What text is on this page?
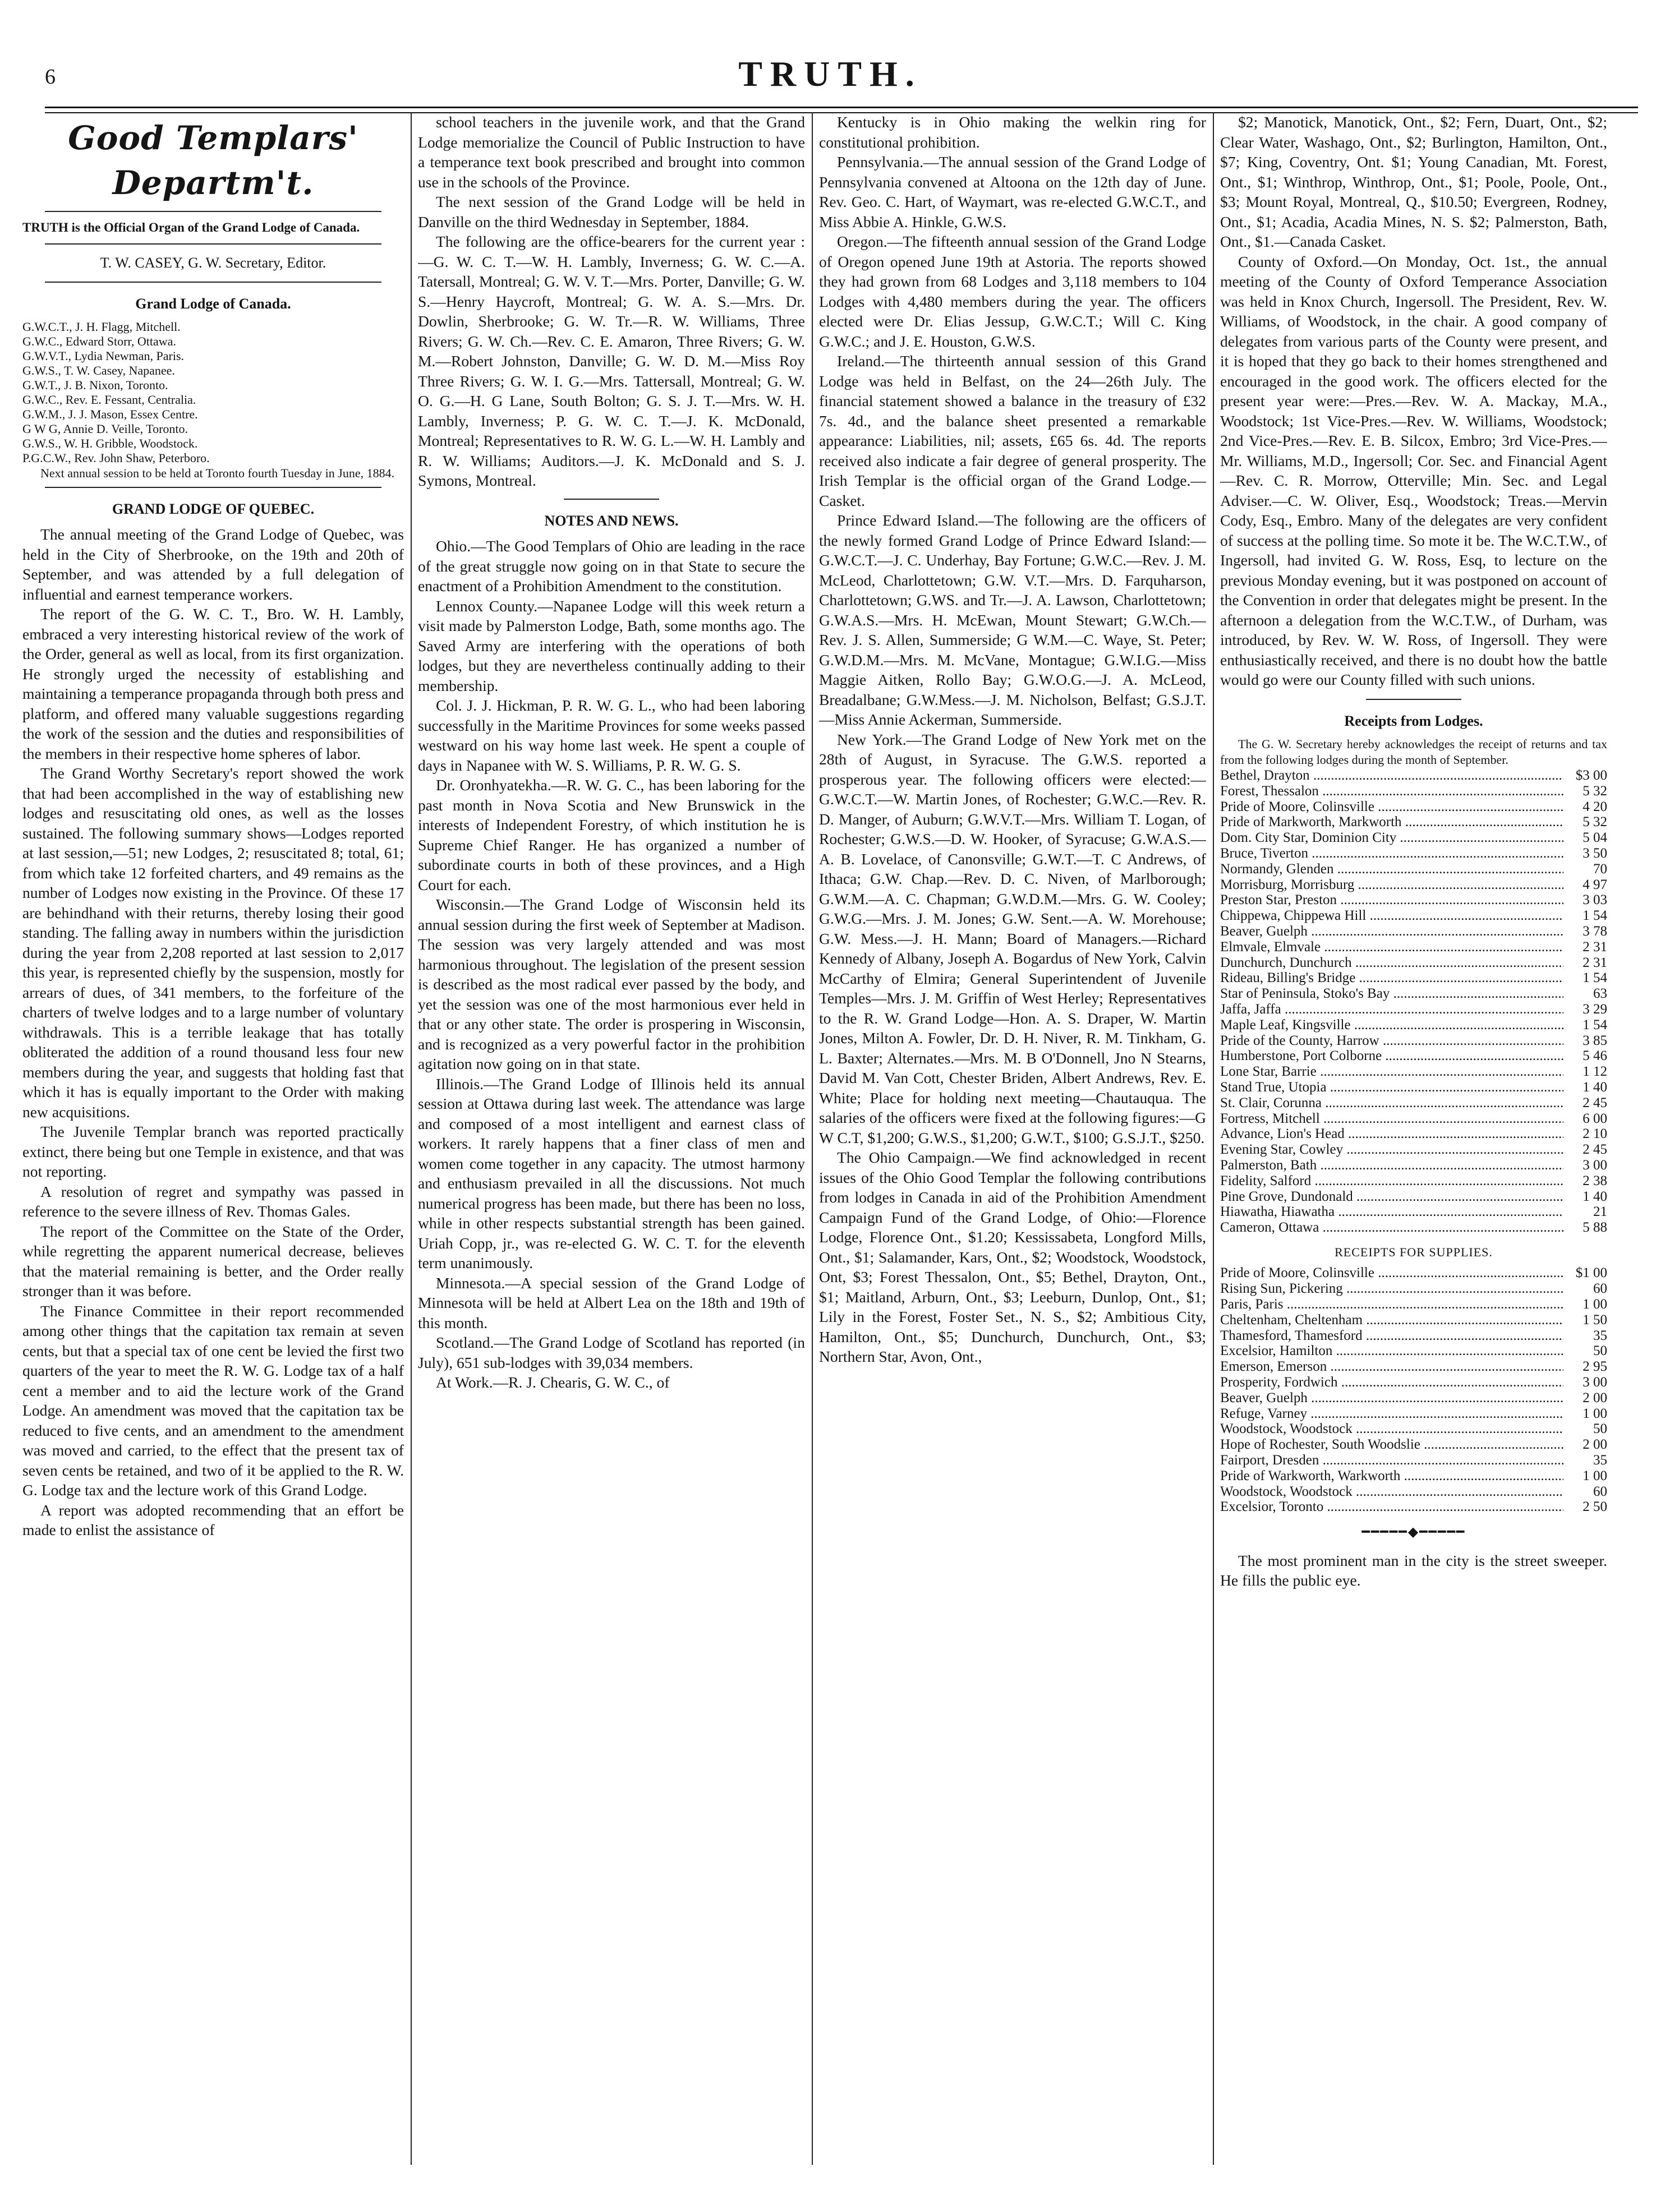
6	TRUTH.
Good Templars' Departm't.
TRUTH is the Official Organ of the Grand Lodge of Canada.
T. W. CASEY, G. W. Secretary, Editor.
Grand Lodge of Canada.
G.W.C.T., J. H. Flagg, Mitchell.
G.W.C., Edward Storr, Ottawa.
G.W.V.T., Lydia Newman, Paris.
G.W.S., T. W. Casey, Napanee.
G.W.T., J. B. Nixon, Toronto.
G.W.C., Rev. E. Fessant, Centralia.
G.W.M., J. J. Mason, Essex Centre.
G W G, Annie D. Veille, Toronto.
G.W.S., W. H. Gribble, Woodstock.
P.G.C.W., Rev. John Shaw, Peterboro.

Next annual session to be held at Toronto fourth Tuesday in June, 1884.

GRAND LODGE OF QUEBEC.

The annual meeting of the Grand Lodge of Quebec, was held in the City of Sherbrooke, on the 19th and 20th of September, and was attended by a full delegation of influential and earnest temperance workers.

The report of the G. W. C. T., Bro. W. H. Lambly, embraced a very interesting historical review of the work of the Order, general as well as local, from its first organization. He strongly urged the necessity of establishing and maintaining a temperance propaganda through both press and platform, and offered many valuable suggestions regarding the work of the session and the duties and responsibilities of the members in their respective home spheres of labor.

The Grand Worthy Secretary's report showed the work that had been accomplished in the way of establishing new lodges and resuscitating old ones, as well as the losses sustained. The following summary shows—Lodges reported at last session,—51; new Lodges, 2; resuscitated 8; total, 61; from which take 12 forfeited charters, and 49 remains as the number of Lodges now existing in the Province. Of these 17 are behindhand with their returns, thereby losing their good standing. The falling away in numbers within the jurisdiction during the year from 2,208 reported at last session to 2,017 this year, is represented chiefly by the suspension, mostly for arrears of dues, of 341 members, to the forfeiture of the charters of twelve lodges and to a large number of voluntary withdrawals. This is a terrible leakage that has totally obliterated the addition of a round thousand less four new members during the year, and suggests that holding fast that which it has is equally important to the Order with making new acquisitions.

The Juvenile Templar branch was reported practically extinct, there being but one Temple in existence, and that was not reporting.

A resolution of regret and sympathy was passed in reference to the severe illness of Rev. Thomas Gales.

The report of the Committee on the State of the Order, while regretting the apparent numerical decrease, believes that the material remaining is better, and the Order really stronger than it was before.

The Finance Committee in their report recommended among other things that the capitation tax remain at seven cents, but that a special tax of one cent be levied the first two quarters of the year to meet the R. W. G. Lodge tax of a half cent a member and to aid the lecture work of the Grand Lodge. An amendment was moved that the capitation tax be reduced to five cents, and an amendment to the amendment was moved and carried, to the effect that the present tax of seven cents be retained, and two of it be applied to the R. W. G. Lodge tax and the lecture work of this Grand Lodge.

A report was adopted recommending that an effort be made to enlist the assistance of

school teachers in the juvenile work, and that the Grand Lodge memorialize the Council of Public Instruction to have a temperance text book prescribed and brought into common use in the schools of the Province.

The next session of the Grand Lodge will be held in Danville on the third Wednesday in September, 1884.

The following are the office-bearers for the current year :—G. W. C. T.—W. H. Lambly, Inverness; G. W. C.—A. Tatersall, Montreal; G. W. V. T.—Mrs. Porter, Danville; G. W. S.—Henry Haycroft, Montreal; G. W. A. S.—Mrs. Dr. Dowlin, Sherbrooke; G. W. Tr.—R. W. Williams, Three Rivers; G. W. Ch.—Rev. C. E. Amaron, Three Rivers; G. W. M.—Robert Johnston, Danville; G. W. D. M.—Miss Roy Three Rivers; G. W. I. G.—Mrs. Tattersall, Montreal; G. W. O. G.—H. G Lane, South Bolton; G. S. J. T.—Mrs. W. H. Lambly, Inverness; P. G. W. C. T.—J. K. McDonald, Montreal; Representatives to R. W. G. L.—W. H. Lambly and R. W. Williams; Auditors.—J. K. McDonald and S. J. Symons, Montreal.

NOTES AND NEWS.

Ohio.—The Good Templars of Ohio are leading in the race of the great struggle now going on in that State to secure the enactment of a Prohibition Amendment to the constitution.

Lennox County.—Napanee Lodge will this week return a visit made by Palmerston Lodge, Bath, some months ago. The Saved Army are interfering with the operations of both lodges, but they are nevertheless continually adding to their membership.

Col. J. J. Hickman, P. R. W. G. L., who had been laboring successfully in the Maritime Provinces for some weeks passed westward on his way home last week. He spent a couple of days in Napanee with W. S. Williams, P. R. W. G. S.

Dr. Oronhyatekha.—R. W. G. C., has been laboring for the past month in Nova Scotia and New Brunswick in the interests of Independent Forestry, of which institution he is Supreme Chief Ranger. He has organized a number of subordinate courts in both of these provinces, and a High Court for each.

Wisconsin.—The Grand Lodge of Wisconsin held its annual session during the first week of September at Madison. The session was very largely attended and was most harmonious throughout. The legislation of the present session is described as the most radical ever passed by the body, and yet the session was one of the most harmonious ever held in that or any other state. The order is prospering in Wisconsin, and is recognized as a very powerful factor in the prohibition agitation now going on in that state.

Illinois.—The Grand Lodge of Illinois held its annual session at Ottawa during last week. The attendance was large and composed of a most intelligent and earnest class of workers. It rarely happens that a finer class of men and women come together in any capacity. The utmost harmony and enthusiasm prevailed in all the discussions. Not much numerical progress has been made, but there has been no loss, while in other respects substantial strength has been gained. Uriah Copp, jr., was re-elected G. W. C. T. for the eleventh term unanimously.

Minnesota.—A special session of the Grand Lodge of Minnesota will be held at Albert Lea on the 18th and 19th of this month.

Scotland.—The Grand Lodge of Scotland has reported (in July), 651 sub-lodges with 39,034 members.

At Work.—R. J. Chearis, G. W. C., of

Kentucky is in Ohio making the welkin ring for constitutional prohibition.

Pennsylvania.—The annual session of the Grand Lodge of Pennsylvania convened at Altoona on the 12th day of June. Rev. Geo. C. Hart, of Waymart, was re-elected G.W.C.T., and Miss Abbie A. Hinkle, G.W.S.

Oregon.—The fifteenth annual session of the Grand Lodge of Oregon opened June 19th at Astoria. The reports showed they had grown from 68 Lodges and 3,118 members to 104 Lodges with 4,480 members during the year. The officers elected were Dr. Elias Jessup, G.W.C.T.; Will C. King G.W.C.; and J. E. Houston, G.W.S.

Ireland.—The thirteenth annual session of this Grand Lodge was held in Belfast, on the 24—26th July. The financial statement showed a balance in the treasury of £32 7s. 4d., and the balance sheet presented a remarkable appearance: Liabilities, nil; assets, £65 6s. 4d. The reports received also indicate a fair degree of general prosperity. The Irish Templar is the official organ of the Grand Lodge.—Casket.

Prince Edward Island.—The following are the officers of the newly formed Grand Lodge of Prince Edward Island:—G.W.C.T.—J. C. Underhay, Bay Fortune; G.W.C.—Rev. J. M. McLeod, Charlottetown; G.W. V.T.—Mrs. D. Farquharson, Charlottetown; G.WS. and Tr.—J. A. Lawson, Charlottetown; G.W.A.S.—Mrs. H. McEwan, Mount Stewart; G.W.Ch.—Rev. J. S. Allen, Summerside; G W.M.—C. Waye, St. Peter; G.W.D.M.—Mrs. M. McVane, Montague; G.W.I.G.—Miss Maggie Aitken, Rollo Bay; G.W.O.G.—J. A. McLeod, Breadalbane; G.W.Mess.—J. M. Nicholson, Belfast; G.S.J.T.—Miss Annie Ackerman, Summerside.

New York.—The Grand Lodge of New York met on the 28th of August, in Syracuse. The G.W.S. reported a prosperous year. The following officers were elected:—G.W.C.T.—W. Martin Jones, of Rochester; G.W.C.—Rev. R. D. Manger, of Auburn; G.W.V.T.—Mrs. William T. Logan, of Rochester; G.W.S.—D. W. Hooker, of Syracuse; G.W.A.S.—A. B. Lovelace, of Canonsville; G.W.T.—T. C Andrews, of Ithaca; G.W. Chap.—Rev. D. C. Niven, of Marlborough; G.W.M.—A. C. Chapman; G.W.D.M.—Mrs. G. W. Cooley; G.W.G.—Mrs. J. M. Jones; G.W. Sent.—A. W. Morehouse; G.W. Mess.—J. H. Mann; Board of Managers.—Richard Kennedy of Albany, Joseph A. Bogardus of New York, Calvin McCarthy of Elmira; General Superintendent of Juvenile Temples—Mrs. J. M. Griffin of West Herley; Representatives to the R. W. Grand Lodge—Hon. A. S. Draper, W. Martin Jones, Milton A. Fowler, Dr. D. H. Niver, R. M. Tinkham, G. L. Baxter; Alternates.—Mrs. M. B O'Donnell, Jno N Stearns, David M. Van Cott, Chester Briden, Albert Andrews, Rev. E. White; Place for holding next meeting—Chautauqua. The salaries of the officers were fixed at the following figures:—G W C.T, $1,200; G.W.S., $1,200; G.W.T., $100; G.S.J.T., $250.

The Ohio Campaign.—We find acknowledged in recent issues of the Ohio Good Templar the following contributions from lodges in Canada in aid of the Prohibition Amendment Campaign Fund of the Grand Lodge, of Ohio:—Florence Lodge, Florence Ont., $1.20; Kessissabeta, Longford Mills, Ont., $1; Salamander, Kars, Ont., $2; Woodstock, Woodstock, Ont, $3; Forest Thessalon, Ont., $5; Bethel, Drayton, Ont., $1; Maitland, Arburn, Ont., $3; Leeburn, Dunlop, Ont., $1; Lily in the Forest, Foster Set., N. S., $2; Ambitious City, Hamilton, Ont., $5; Dunchurch, Dunchurch, Ont., $3; Northern Star, Avon, Ont.,

$2; Manotick, Manotick, Ont., $2; Fern, Duart, Ont., $2; Clear Water, Washago, Ont., $2; Burlington, Hamilton, Ont., $7; King, Coventry, Ont. $1; Young Canadian, Mt. Forest, Ont., $1; Winthrop, Winthrop, Ont., $1; Poole, Poole, Ont., $3; Mount Royal, Montreal, Q., $10.50; Evergreen, Rodney, Ont., $1; Acadia, Acadia Mines, N. S. $2; Palmerston, Bath, Ont., $1.—Canada Casket.

County of Oxford.—On Monday, Oct. 1st., the annual meeting of the County of Oxford Temperance Association was held in Knox Church, Ingersoll. The President, Rev. W. Williams, of Woodstock, in the chair. A good company of delegates from various parts of the County were present, and it is hoped that they go back to their homes strengthened and encouraged in the good work. The officers elected for the present year were:—Pres.—Rev. W. A. Mackay, M.A., Woodstock; 1st Vice-Pres.—Rev. W. Williams, Woodstock; 2nd Vice-Pres.—Rev. E. B. Silcox, Embro; 3rd Vice-Pres.—Mr. Williams, M.D., Ingersoll; Cor. Sec. and Financial Agent—Rev. C. R. Morrow, Otterville; Min. Sec. and Legal Adviser.—C. W. Oliver, Esq., Woodstock; Treas.—Mervin Cody, Esq., Embro. Many of the delegates are very confident of success at the polling time. So mote it be. The W.C.T.W., of Ingersoll, had invited G. W. Ross, Esq, to lecture on the previous Monday evening, but it was postponed on account of the Convention in order that delegates might be present. In the afternoon a delegation from the W.C.T.W., of Durham, was introduced, by Rev. W. W. Ross, of Ingersoll. They were enthusiastically received, and there is no doubt how the battle would go were our County filled with such unions.

Receipts from Lodges.

The G. W. Secretary hereby acknowledges the receipt of returns and tax from the following lodges during the month of September.

Bethel, Drayton .....	$3 00
Forest, Thessalon .....	5 32
Pride of Moore, Colinsville .....	4 20
Pride of Markworth, Markworth .....	5 32
Dom. City Star, Dominion City .....	5 04
Bruce, Tiverton .....	3 50
Normandy, Glenden .....	70
Morrisburg, Morrisburg .....	4 97
Preston Star, Preston .....	3 03
Chippewa, Chippewa Hill .....	1 54
Beaver, Guelph .....	3 78
Elmvale, Elmvale .....	2 31
Dunchurch, Dunchurch .....	2 31
Rideau, Billing's Bridge .....	1 54
Star of Peninsula, Stoko's Bay .....	63
Jaffa, Jaffa .....	3 29
Maple Leaf, Kingsville .....	1 54
Pride of the County, Harrow .....	3 85
Humberstone, Port Colborne .....	5 46
Lone Star, Barrie .....	1 12
Stand True, Utopia .....	1 40
St. Clair, Corunna .....	2 45
Fortress, Mitchell .....	6 00
Advance, Lion's Head .....	2 10
Evening Star, Cowley .....	2 45
Palmerston, Bath .....	3 00
Fidelity, Salford .....	2 38
Pine Grove, Dundonald .....	1 40
Hiawatha, Hiawatha .....	21
Cameron, Ottawa .....	5 88
RECEIPTS FOR SUPPLIES.
Pride of Moore, Colinsville .....	$1 00
Rising Sun, Pickering .....	60
Paris, Paris .....	1 00
Cheltenham, Cheltenham .....	1 50
Thamesford, Thamesford .....	35
Excelsior, Hamilton .....	50
Emerson, Emerson .....	2 95
Prosperity, Fordwich .....	3 00
Beaver, Guelph .....	2 00
Refuge, Varney .....	1 00
Woodstock, Woodstock .....	50
Hope of Rochester, South Woodslie .....	2 00
Fairport, Dresden .....	35
Pride of Warkworth, Warkworth .....	1 00
Woodstock, Woodstock .....	60
Excelsior, Toronto .....	2 50
━━━━━◆━━━━━

The most prominent man in the city is the street sweeper. He fills the public eye.
